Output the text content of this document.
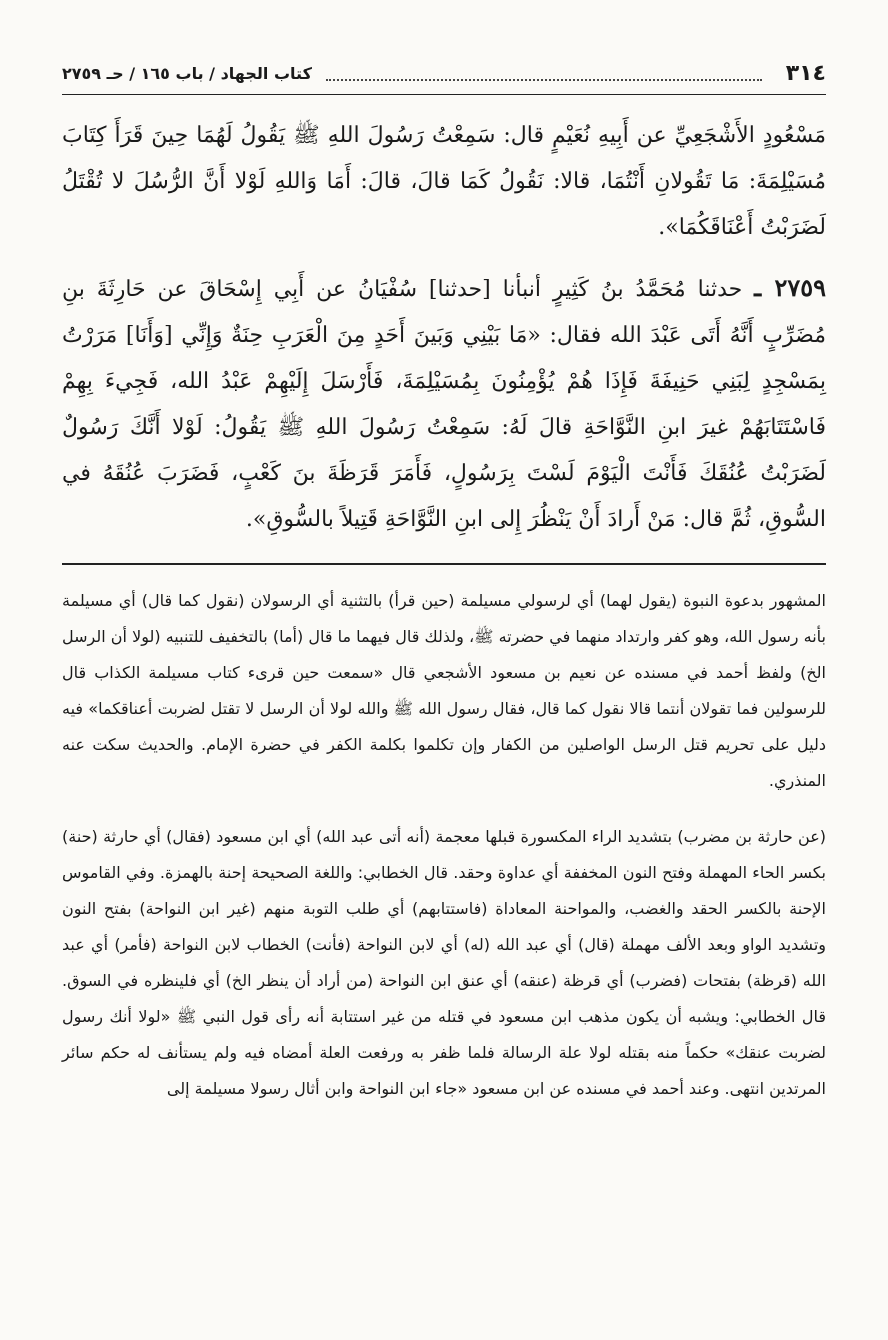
٣١٤
كتاب الجهاد / باب ١٦٥ / حـ ٢٧٥٩

مَسْعُودٍ الأَشْجَعِيِّ عن أَبِيهِ نُعَيْمٍ قال: سَمِعْتُ رَسُولَ اللهِ ﷺ يَقُولُ لَهُمَا حِينَ قَرَأَ كِتَابَ مُسَيْلِمَةَ: مَا تَقُولانِ أَنْتُمَا، قالا: نَقُولُ كَمَا قالَ، قالَ: أَمَا وَاللهِ لَوْلا أَنَّ الرُّسُلَ لا تُقْتَلُ لَضَرَبْتُ أَعْنَاقَكُمَا».

٢٧٥٩ ـ حدثنا مُحَمَّدُ بنُ كَثِيرٍ أنبأنا [حدثنا] سُفْيَانُ عن أَبِي إِسْحَاقَ عن حَارِثَةَ بنِ مُضَرِّبٍ أَنَّهُ أَتَى عَبْدَ الله فقال: «مَا بَيْنِي وَبَينَ أَحَدٍ مِنَ الْعَرَبِ حِنَةٌ وَإِنِّي [وَأَنَا] مَرَرْتُ بِمَسْجِدٍ لِبَنِي حَنِيفَةَ فَإِذَا هُمْ يُؤْمِنُونَ بِمُسَيْلِمَةَ، فَأَرْسَلَ إِلَيْهِمْ عَبْدُ الله، فَجِيءَ بِهِمْ فَاسْتَتَابَهُمْ غيرَ ابنِ النَّوَّاحَةِ قالَ لَهُ: سَمِعْتُ رَسُولَ اللهِ ﷺ يَقُولُ: لَوْلا أَنَّكَ رَسُولٌ لَضَرَبْتُ عُنُقَكَ فَأَنْتَ الْيَوْمَ لَسْتَ بِرَسُولٍ، فَأَمَرَ قَرَظَةَ بنَ كَعْبٍ، فَضَرَبَ عُنُقَهُ في السُّوقِ، ثُمَّ قال: مَنْ أَرادَ أَنْ يَنْظُرَ إِلى ابنِ النَّوَّاحَةِ قَتِيلاً بالسُّوقِ».

المشهور بدعوة النبوة (يقول لهما) أي لرسولي مسيلمة (حين قرأ) بالتثنية أي الرسولان (نقول كما قال) أي مسيلمة بأنه رسول الله، وهو كفر وارتداد منهما في حضرته ﷺ، ولذلك قال فيهما ما قال (أما) بالتخفيف للتنبيه (لولا أن الرسل الخ) ولفظ أحمد في مسنده عن نعيم بن مسعود الأشجعي قال «سمعت حين قرىء كتاب مسيلمة الكذاب قال للرسولين فما تقولان أنتما قالا نقول كما قال، فقال رسول الله ﷺ والله لولا أن الرسل لا تقتل لضربت أعناقكما» فيه دليل على تحريم قتل الرسل الواصلين من الكفار وإن تكلموا بكلمة الكفر في حضرة الإمام. والحديث سكت عنه المنذري.

(عن حارثة بن مضرب) بتشديد الراء المكسورة قبلها معجمة (أنه أتى عبد الله) أي ابن مسعود (فقال) أي حارثة (حنة) بكسر الحاء المهملة وفتح النون المخففة أي عداوة وحقد. قال الخطابي: واللغة الصحيحة إحنة بالهمزة. وفي القاموس الإحنة بالكسر الحقد والغضب، والمواحنة المعاداة (فاستتابهم) أي طلب التوبة منهم (غير ابن النواحة) بفتح النون وتشديد الواو وبعد الألف مهملة (قال) أي عبد الله (له) أي لابن النواحة (فأنت) الخطاب لابن النواحة (فأمر) أي عبد الله (قرظة) بفتحات (فضرب) أي قرظة (عنقه) أي عنق ابن النواحة (من أراد أن ينظر الخ) أي فلينظره في السوق. قال الخطابي: ويشبه أن يكون مذهب ابن مسعود في قتله من غير استتابة أنه رأى قول النبي ﷺ «لولا أنك رسول لضربت عنقك» حكماً منه بقتله لولا علة الرسالة فلما ظفر به ورفعت العلة أمضاه فيه ولم يستأنف له حكم سائر المرتدين انتهى. وعند أحمد في مسنده عن ابن مسعود «جاء ابن النواحة وابن أثال رسولا مسيلمة إلى
